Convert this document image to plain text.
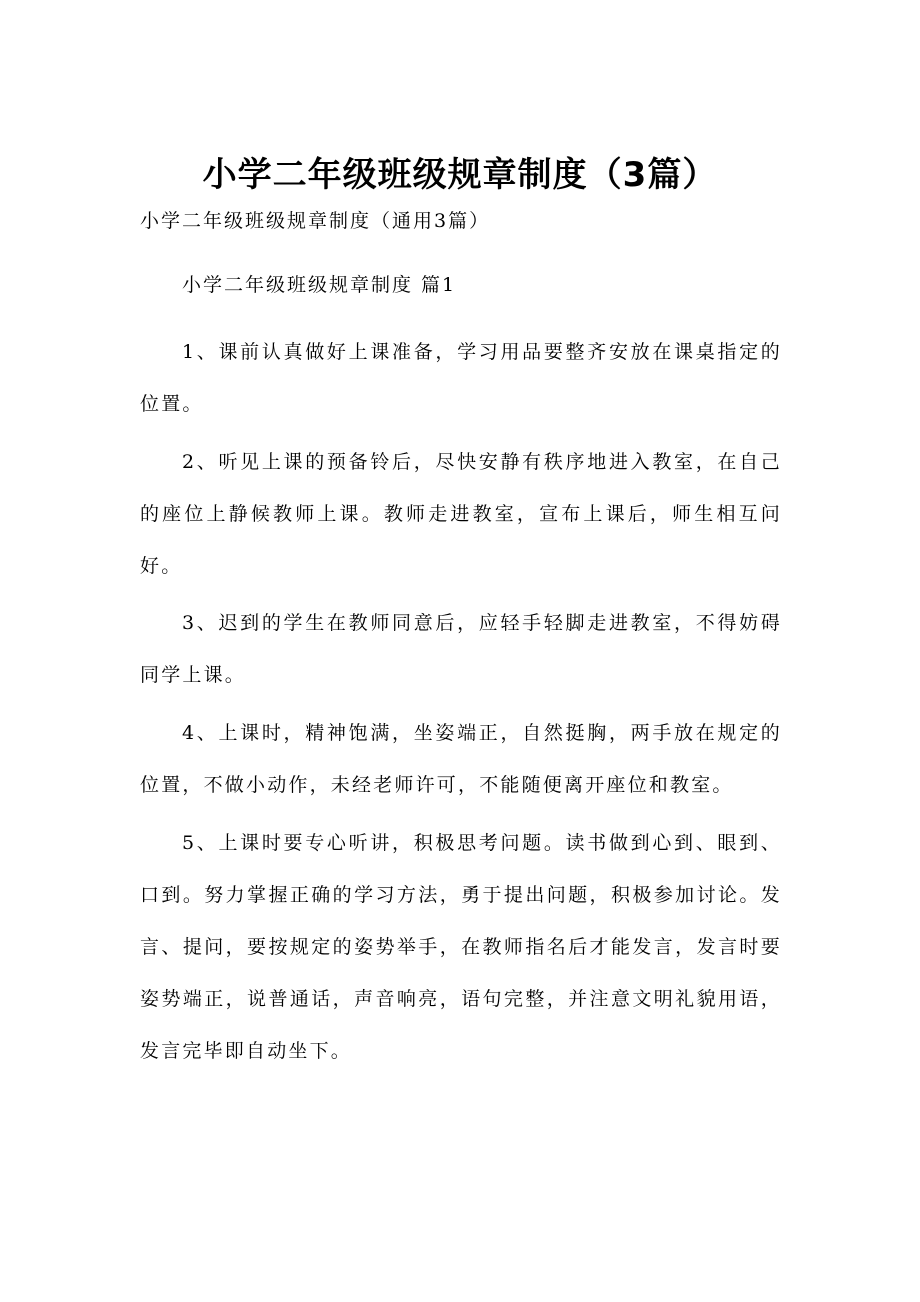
小学二年级班级规章制度（3篇）
小学二年级班级规章制度（通用3篇）
小学二年级班级规章制度 篇1

1、课前认真做好上课准备，学习用品要整齐安放在课桌指定的位置。

2、听见上课的预备铃后，尽快安静有秩序地进入教室，在自己的座位上静候教师上课。教师走进教室，宣布上课后，师生相互问好。

3、迟到的学生在教师同意后，应轻手轻脚走进教室，不得妨碍同学上课。

4、上课时，精神饱满，坐姿端正，自然挺胸，两手放在规定的位置，不做小动作，未经老师许可，不能随便离开座位和教室。

5、上课时要专心听讲，积极思考问题。读书做到心到、眼到、口到。努力掌握正确的学习方法，勇于提出问题，积极参加讨论。发言、提问，要按规定的姿势举手，在教师指名后才能发言，发言时要姿势端正，说普通话，声音响亮，语句完整，并注意文明礼貌用语，发言完毕即自动坐下。
